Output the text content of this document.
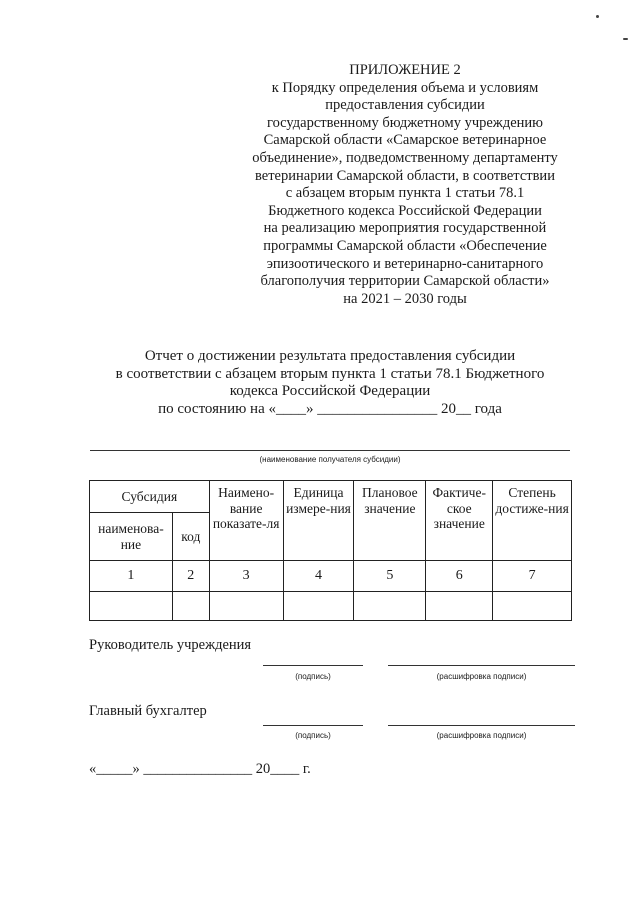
ПРИЛОЖЕНИЕ 2
к Порядку определения объема и условиям
предоставления субсидии
государственному бюджетному учреждению
Самарской области «Самарское ветеринарное
объединение», подведомственному департаменту
ветеринарии Самарской области, в соответствии
с абзацем вторым пункта 1 статьи 78.1
Бюджетного кодекса Российской Федерации
на реализацию мероприятия государственной
программы Самарской области «Обеспечение
эпизоотического и ветеринарно-санитарного
благополучия территории Самарской области»
на 2021 – 2030 годы
Отчет о достижении результата предоставления субсидии
в соответствии с абзацем вторым пункта 1 статьи 78.1 Бюджетного
кодекса Российской Федерации
по состоянию на «____» ________________ 20__ года
(наименование получателя субсидии)
Субсидия		Наимено-вание показате-ля	Единица измере-ния	Плановое значение	Фактиче-ское значение	Степень достиже-ния
наименова-ние	код					
1	2	3	4	5	6	7

Руководитель учреждения
(подпись)	(расшифровка подписи)
Главный бухгалтер
(подпись)	(расшифровка подписи)
«_____» _______________ 20____ г.
